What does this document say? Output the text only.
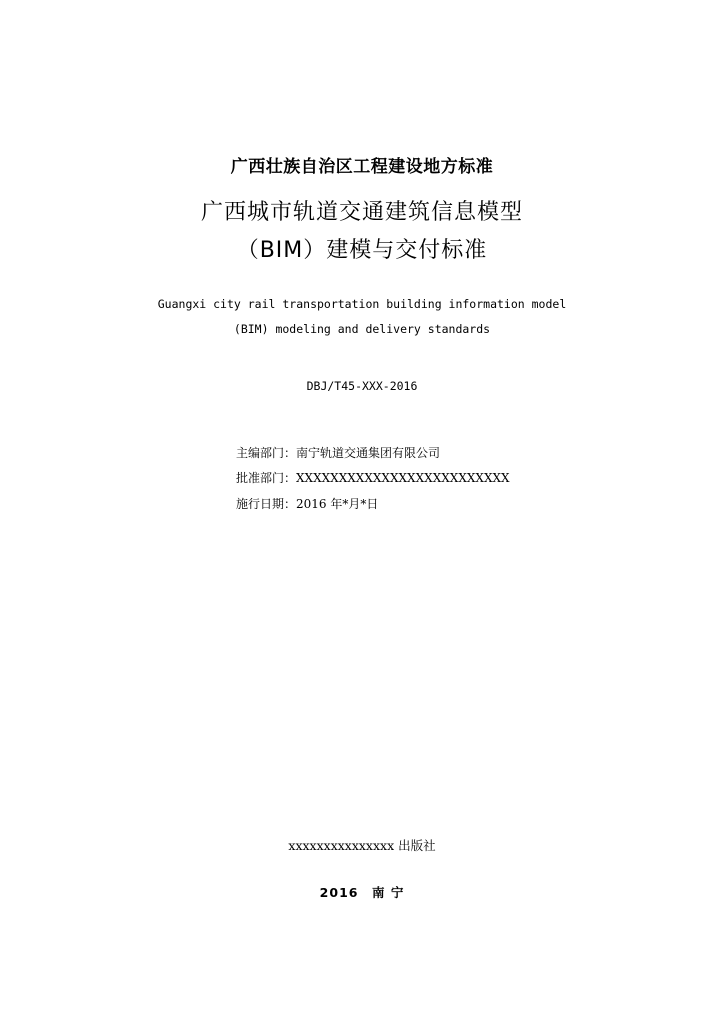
广西壮族自治区工程建设地方标准
广西城市轨道交通建筑信息模型
（BIM）建模与交付标准
Guangxi city rail transportation building information model
(BIM) modeling and delivery standards
DBJ/T45-XXX-2016
主编部门：南宁轨道交通集团有限公司
批准部门：XXXXXXXXXXXXXXXXXXXXXXXXX
施行日期：2016 年*月*日
xxxxxxxxxxxxxxx 出版社
2016　南 宁
